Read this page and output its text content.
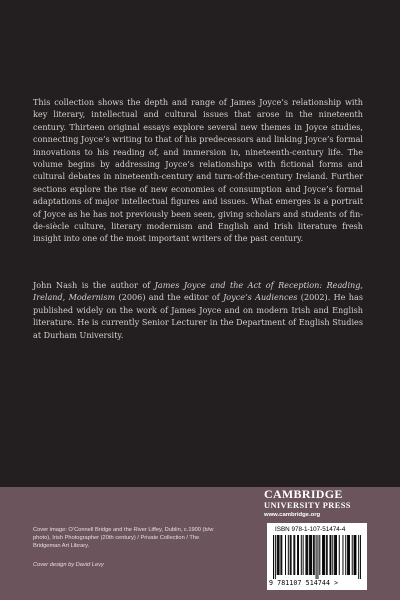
This collection shows the depth and range of James Joyce’s relationship with key literary, intellectual and cultural issues that arose in the nineteenth century. Thirteen original essays explore several new themes in Joyce studies, connecting Joyce’s writing to that of his predecessors and linking Joyce’s formal innovations to his reading of, and immersion in, nineteenth-century life. The volume begins by addressing Joyce’s relationships with fictional forms and cultural debates in nineteenth-century and turn-of-the-century Ireland. Further sections explore the rise of new economies of consumption and Joyce’s formal adaptations of major intellectual figures and issues. What emerges is a portrait of Joyce as he has not previously been seen, giving scholars and students of fin-de-siècle culture, literary modernism and English and Irish literature fresh insight into one of the most important writers of the past century.

John Nash is the author of James Joyce and the Act of Reception: Reading, Ireland, Modernism (2006) and the editor of Joyce’s Audiences (2002). He has published widely on the work of James Joyce and on modern Irish and English literature. He is currently Senior Lecturer in the Department of English Studies at Durham University.

Cover image: O’Connell Bridge and the River Liffey, Dublin, c.1900 (b/w photo), Irish Photographer (20th century) / Private Collection / The Bridgeman Art Library.

Cover design by David Levy

CAMBRIDGE
UNIVERSITY PRESS
www.cambridge.org
ISBN 978-1-107-51474-4
9 781107 514744 >
